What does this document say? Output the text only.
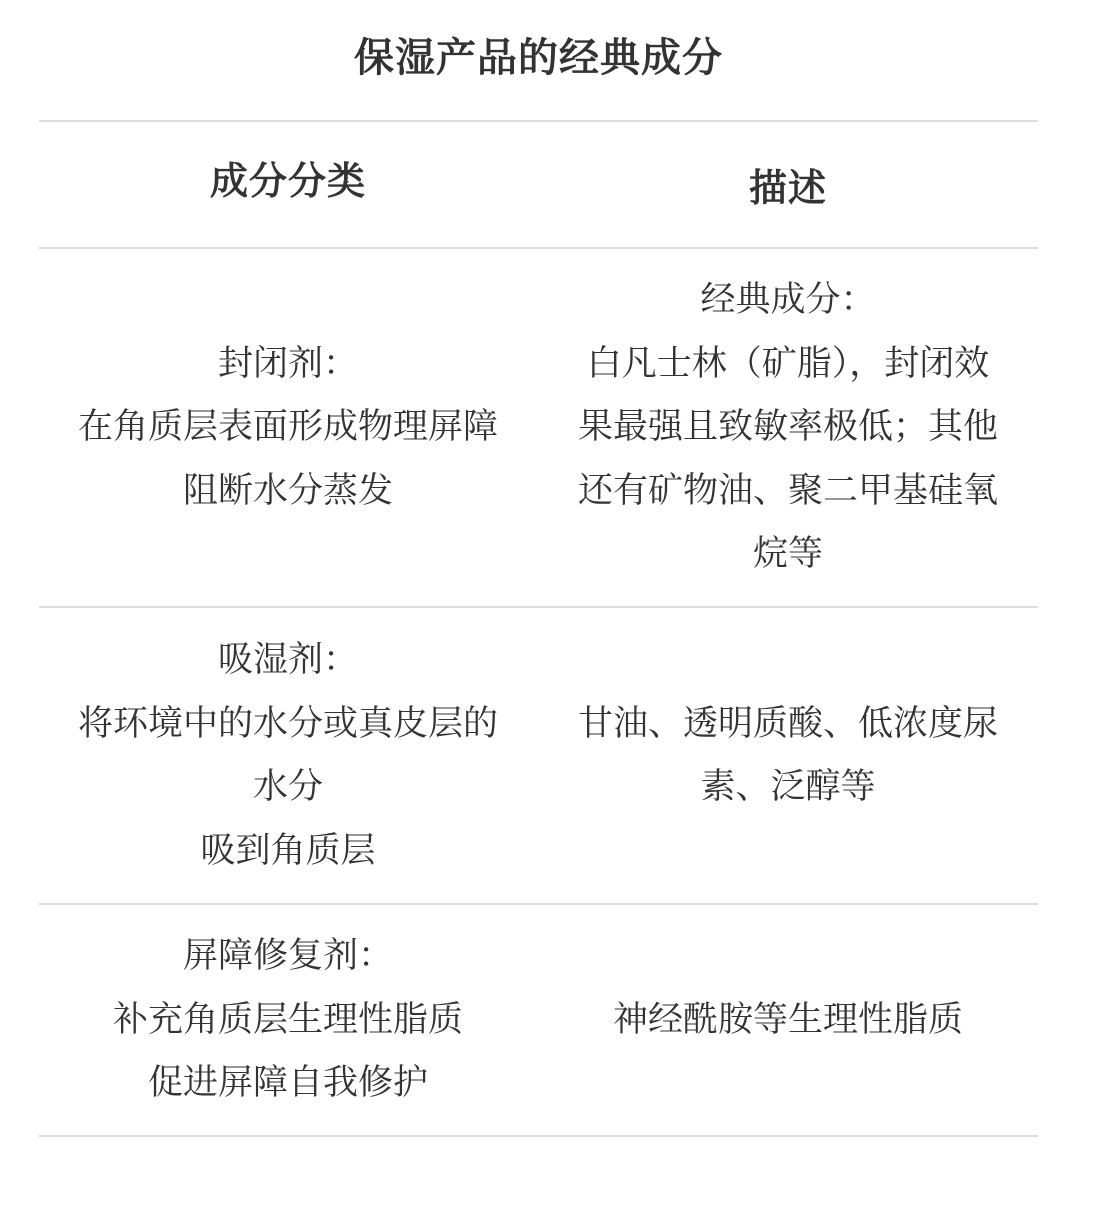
保湿产品的经典成分
成分分类	描述
封闭剂：
在角质层表面形成物理屏障
阻断水分蒸发
经典成分：
白凡士林（矿脂），封闭效
果最强且致敏率极低；其他
还有矿物油、聚二甲基硅氧
烷等
吸湿剂：
将环境中的水分或真皮层的
水分
吸到角质层
甘油、透明质酸、低浓度尿
素、泛醇等
屏障修复剂：
补充角质层生理性脂质
促进屏障自我修护
神经酰胺等生理性脂质
